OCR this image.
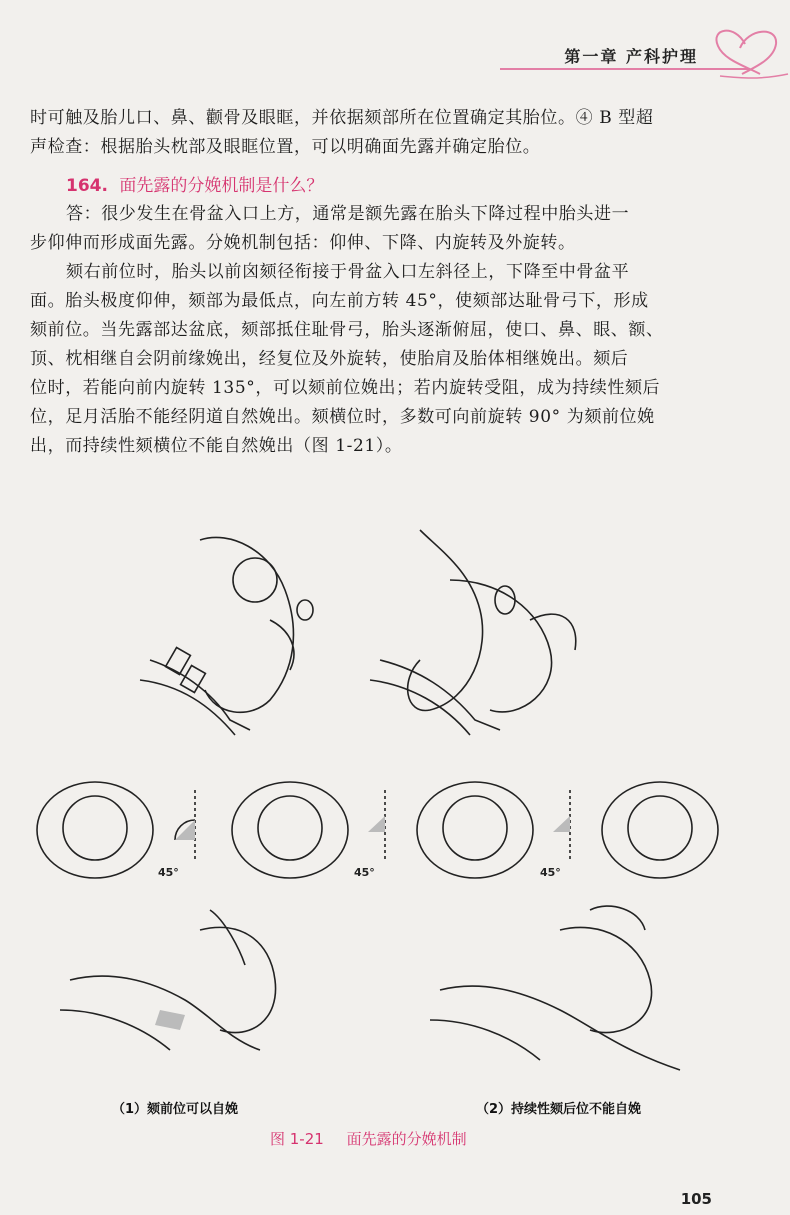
第一章 产科护理

时可触及胎儿口、鼻、颧骨及眼眶，并依据颏部所在位置确定其胎位。④ B 型超

声检查：根据胎头枕部及眼眶位置，可以明确面先露并确定胎位。

164. 面先露的分娩机制是什么？

答：很少发生在骨盆入口上方，通常是额先露在胎头下降过程中胎头进一

步仰伸而形成面先露。分娩机制包括：仰伸、下降、内旋转及外旋转。

颏右前位时，胎头以前囟颏径衔接于骨盆入口左斜径上，下降至中骨盆平

面。胎头极度仰伸，颏部为最低点，向左前方转 45°，使颏部达耻骨弓下，形成

颏前位。当先露部达盆底，颏部抵住耻骨弓，胎头逐渐俯屈，使口、鼻、眼、额、

顶、枕相继自会阴前缘娩出，经复位及外旋转，使胎肩及胎体相继娩出。颏后

位时，若能向前内旋转 135°，可以颏前位娩出；若内旋转受阻，成为持续性颏后

位，足月活胎不能经阴道自然娩出。颏横位时，多数可向前旋转 90° 为颏前位娩

出，而持续性颏横位不能自然娩出（图 1-21）。

45°	45°	45°
（1）颏前位可以自娩	（2）持续性颏后位不能自娩
图 1-21 面先露的分娩机制
105
